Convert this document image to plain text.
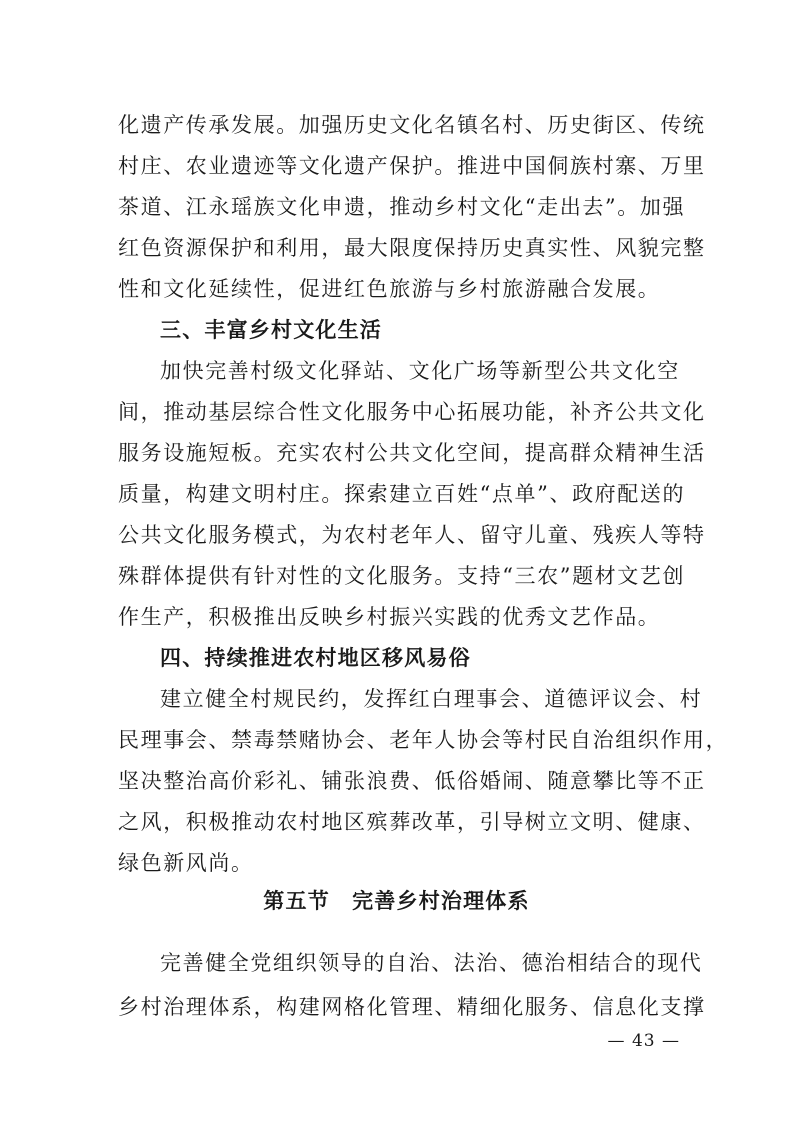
化遗产传承发展。加强历史文化名镇名村、历史街区、传统
村庄、农业遗迹等文化遗产保护。推进中国侗族村寨、万里
茶道、江永瑶族文化申遗，推动乡村文化“走出去”。加强
红色资源保护和利用，最大限度保持历史真实性、风貌完整
性和文化延续性，促进红色旅游与乡村旅游融合发展。
三、丰富乡村文化生活
加快完善村级文化驿站、文化广场等新型公共文化空
间，推动基层综合性文化服务中心拓展功能，补齐公共文化
服务设施短板。充实农村公共文化空间，提高群众精神生活
质量，构建文明村庄。探索建立百姓“点单”、政府配送的
公共文化服务模式，为农村老年人、留守儿童、残疾人等特
殊群体提供有针对性的文化服务。支持“三农”题材文艺创
作生产，积极推出反映乡村振兴实践的优秀文艺作品。
四、持续推进农村地区移风易俗
建立健全村规民约，发挥红白理事会、道德评议会、村
民理事会、禁毒禁赌协会、老年人协会等村民自治组织作用，
坚决整治高价彩礼、铺张浪费、低俗婚闹、随意攀比等不正
之风，积极推动农村地区殡葬改革，引导树立文明、健康、
绿色新风尚。
第五节　完善乡村治理体系
完善健全党组织领导的自治、法治、德治相结合的现代
乡村治理体系，构建网格化管理、精细化服务、信息化支撑
— 43 —
